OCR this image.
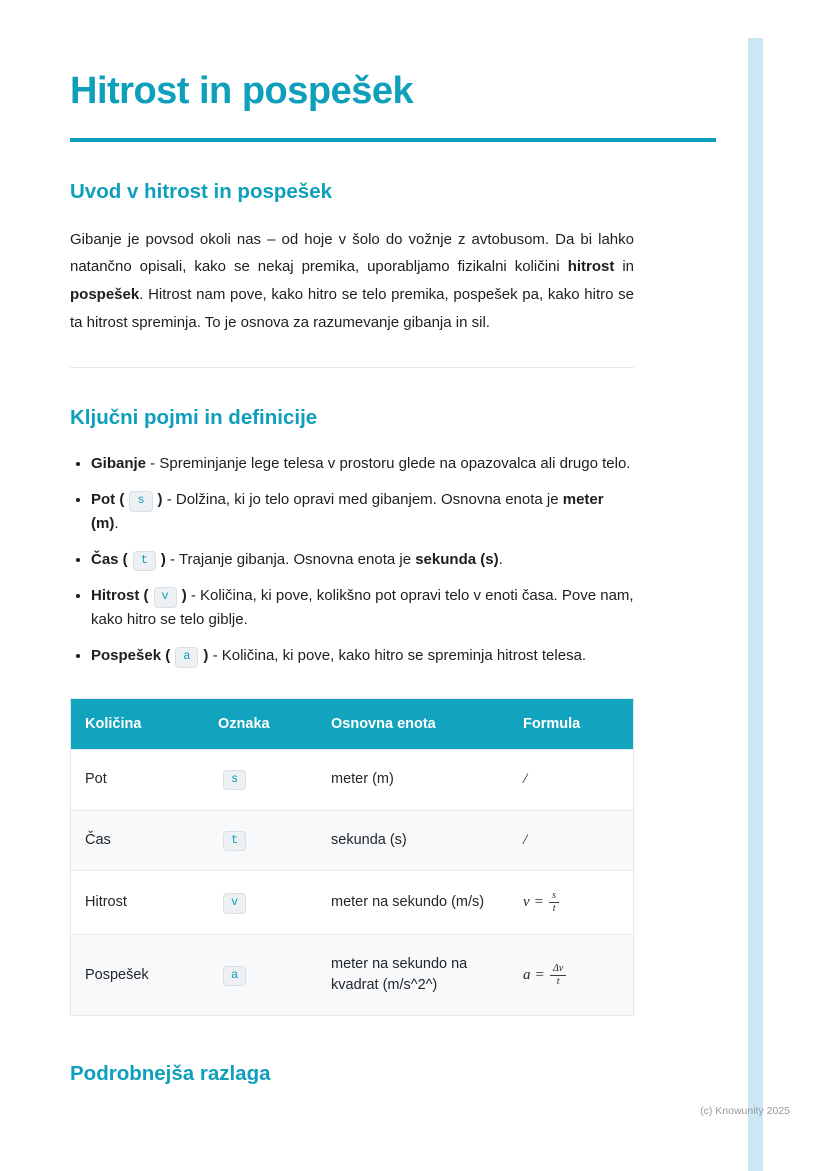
Hitrost in pospešek
Uvod v hitrost in pospešek

Gibanje je povsod okoli nas – od hoje v šolo do vožnje z avtobusom. Da bi lahko natančno opisali, kako se nekaj premika, uporabljamo fizikalni količini hitrost in pospešek. Hitrost nam pove, kako hitro se telo premika, pospešek pa, kako hitro se ta hitrost spreminja. To je osnova za razumevanje gibanja in sil.

Ključni pojmi in definicije
• Gibanje - Spreminjanje lege telesa v prostoru glede na opazovalca ali drugo telo.
• Pot ( s ) - Dolžina, ki jo telo opravi med gibanjem. Osnovna enota je meter (m).
• Čas ( t ) - Trajanje gibanja. Osnovna enota je sekunda (s).
• Hitrost ( v ) - Količina, ki pove, kolikšno pot opravi telo v enoti časa. Pove nam, kako hitro se telo giblje.
• Pospešek ( a ) - Količina, ki pove, kako hitro se spreminja hitrost telesa.
Količina	Oznaka	Osnovna enota	Formula
Pot	s	meter (m)	/
Čas	t	sekunda (s)	/
Hitrost	v	meter na sekundo (m/s)	$v = \frac{s}{t}$

Pospešek	a	meter na sekundo na kvadrat (m/s^2^)	$a = \frac{\Delta v}{t}$
Podrobnejša razlaga
(c) Knowunity 2025
